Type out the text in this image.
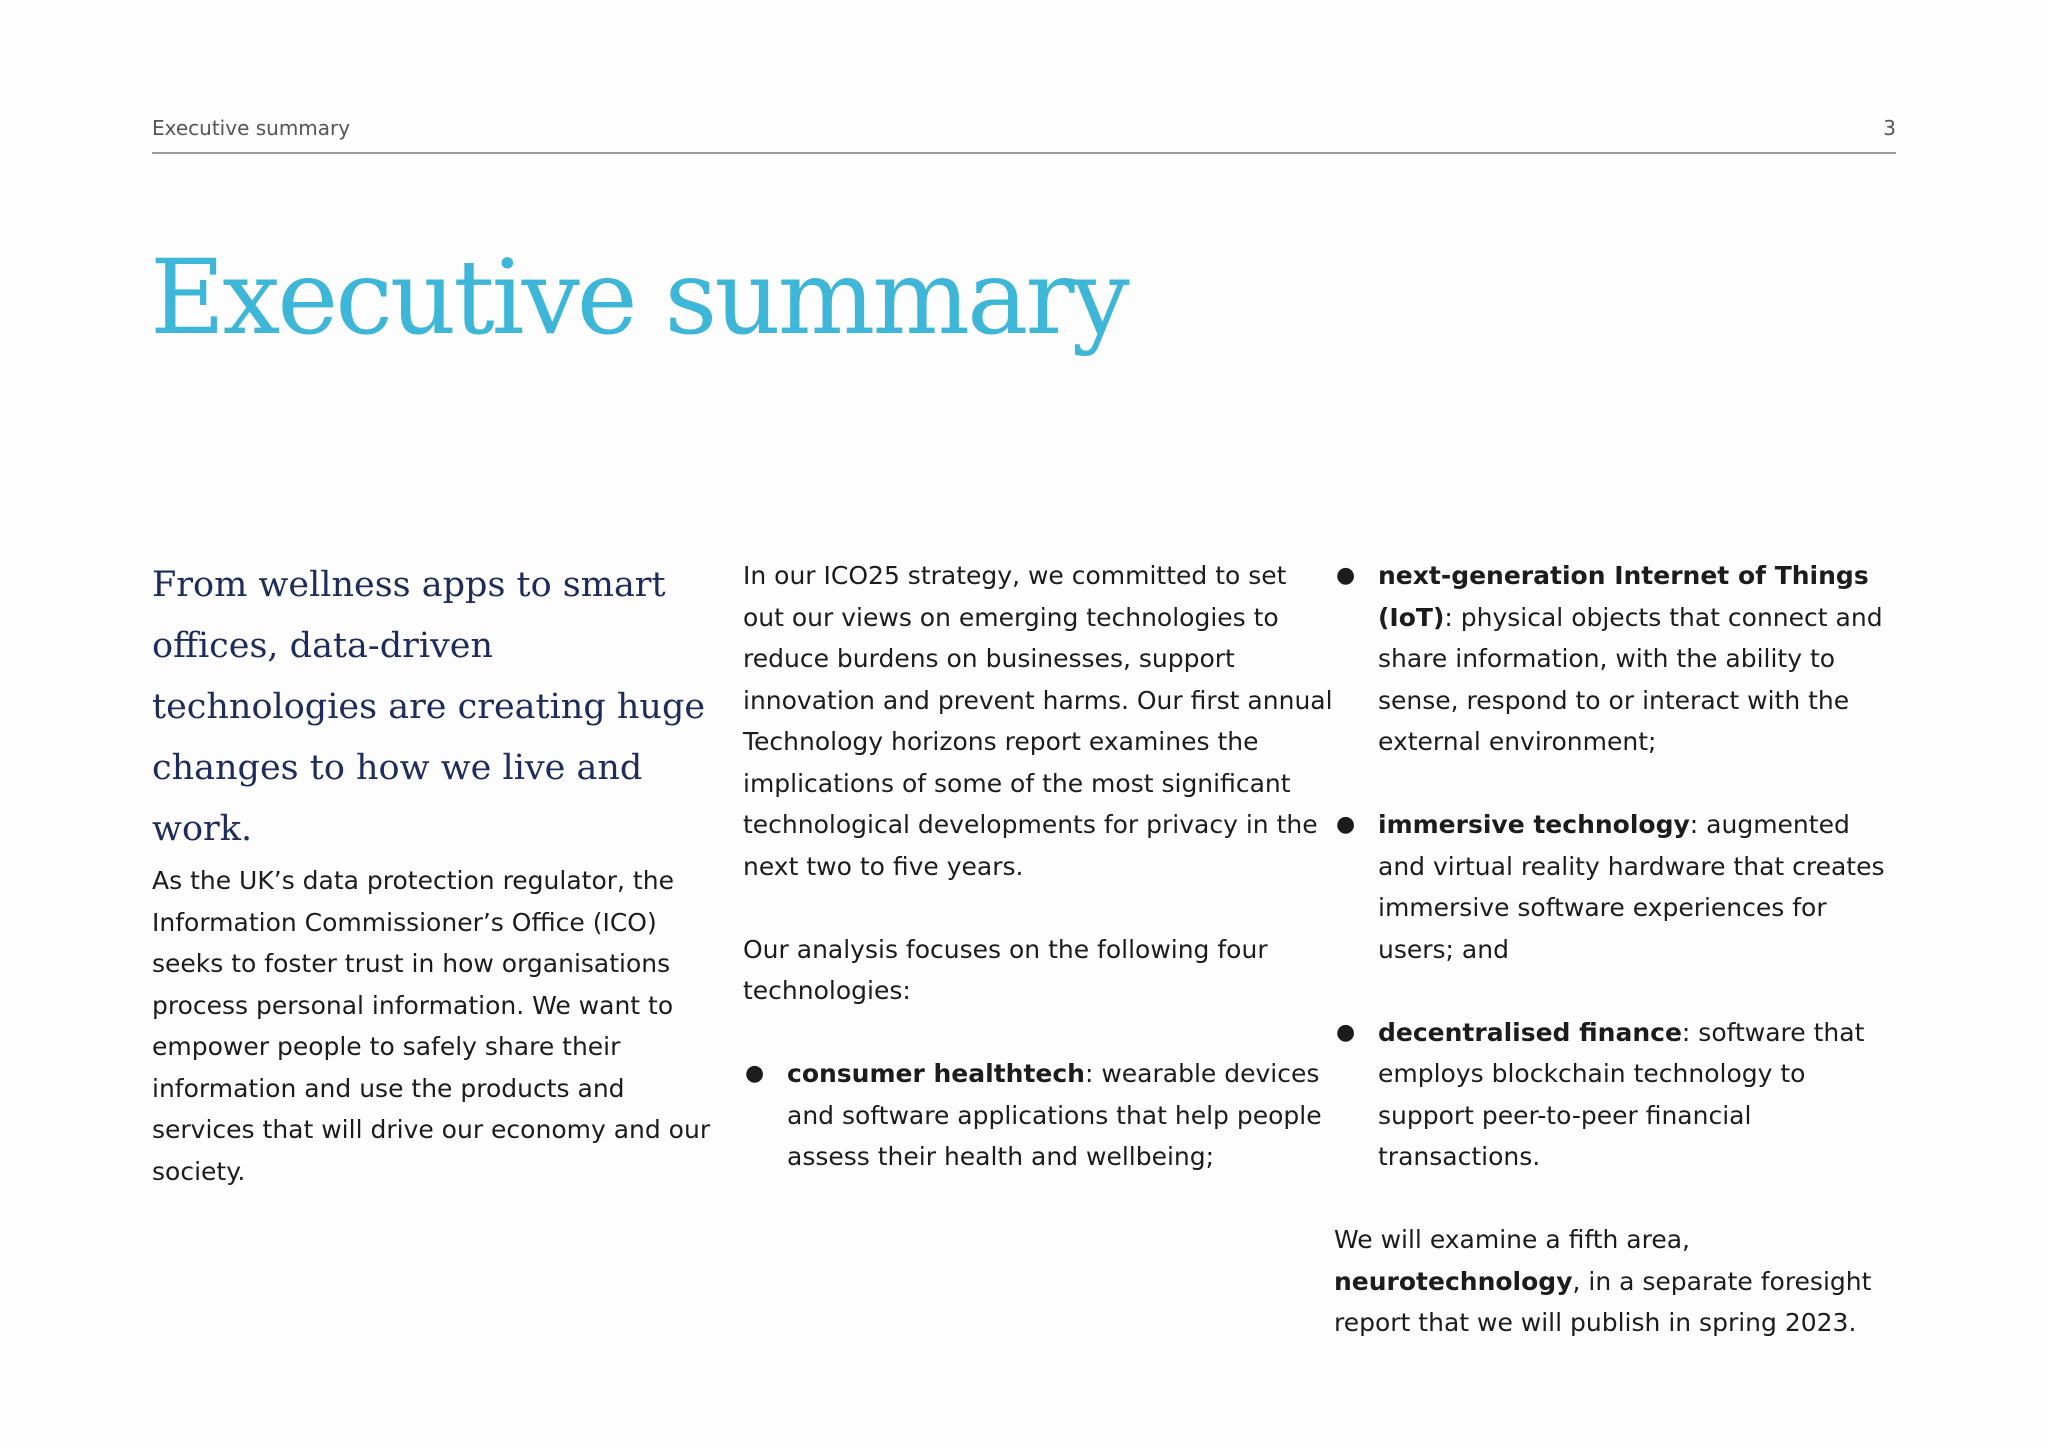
Executive summary	3
Executive summary

From wellness apps to smart offices, data-driven technologies are creating huge changes to how we live and work.

As the UK’s data protection regulator, the Information Commissioner’s Office (ICO) seeks to foster trust in how organisations process personal information. We want to empower people to safely share their information and use the products and services that will drive our economy and our society.

In our ICO25 strategy, we committed to set out our views on emerging technologies to reduce burdens on businesses, support innovation and prevent harms. Our first annual Technology horizons report examines the implications of some of the most significant technological developments for privacy in the next two to five years.

Our analysis focuses on the following four technologies:

● consumer healthtech: wearable devices and software applications that help people assess their health and wellbeing;
● next-generation Internet of Things (IoT): physical objects that connect and share information, with the ability to sense, respond to or interact with the external environment;
● immersive technology: augmented and virtual reality hardware that creates immersive software experiences for users; and
● decentralised finance: software that employs blockchain technology to support peer-to-peer financial transactions.

We will examine a fifth area, neurotechnology, in a separate foresight report that we will publish in spring 2023.
